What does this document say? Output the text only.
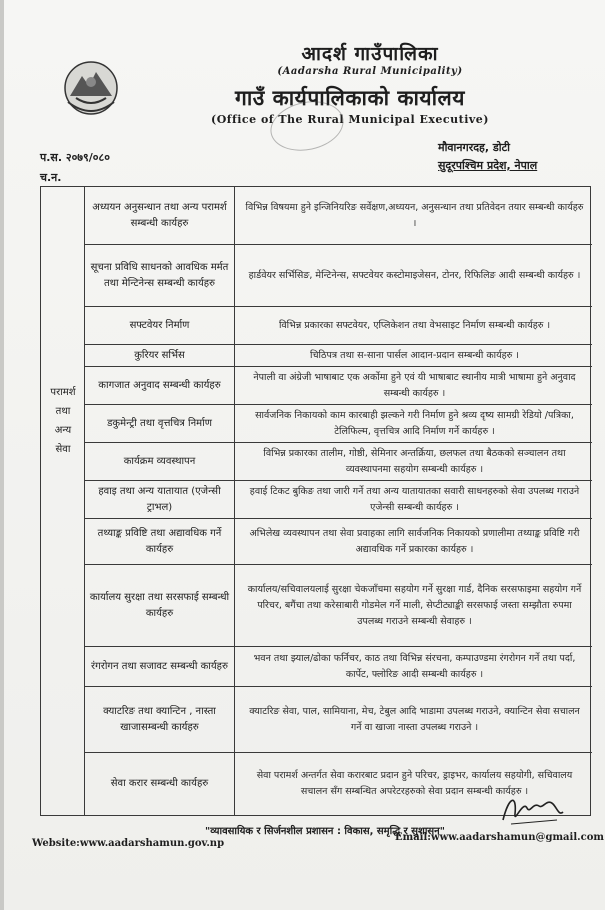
आदर्श गाउँपालिका
(Aadarsha Rural Municipality)
गाउँ कार्यपालिकाको कार्यालय
(Office of The Rural Municipal Executive)
प.स. २०७९/०८०
च.न.
मौवानगरदह, डोटी
सुदूरपश्चिम प्रदेश, नेपाल
परामर्श
तथा
अन्य
सेवा
अध्ययन अनुसन्धान तथा अन्य परामर्श सम्बन्धी कार्यहरु
विभिन्न विषयमा हुने इन्जिनियरिङ सर्वेक्षण,अध्ययन, अनुसन्धान तथा प्रतिवेदन तयार सम्बन्धी कार्यहरु ।
सूचना प्रविधि साधनको आवधिक मर्मत तथा मेन्टिनेन्स सम्बन्धी कार्यहरु
हार्डवेयर सर्भिसिङ, मेन्टिनेन्स, सफ्टवेयर कस्टोमाइजेसन, टोनर, रिफिलिङ आदी सम्बन्धी कार्यहरु ।
सफ्टवेयर निर्माण	विभिन्न प्रकारका सफ्टवेयर, एप्लिकेशन तथा वेभसाइट निर्माण सम्बन्धी कार्यहरु ।
कुरियर सर्भिस	चिठिपत्र तथा स-साना पार्सल आदान-प्रदान सम्बन्धी कार्यहरु ।
कागजात अनुवाद सम्बन्धी कार्यहरु
नेपाली वा अंग्रेजी भाषाबाट एक अर्कोमा हुने एवं यी भाषाबाट स्थानीय मात्री भाषामा हुने अनुवाद सम्बन्धी कार्यहरु ।
डकुमेन्ट्री तथा वृत्तचित्र निर्माण
सार्वजनिक निकायको काम कारबाही झल्कने गरी निर्माण हुने श्रव्य दृष्य सामग्री रेडियो /पत्रिका, टेलिफिल्म, वृत्तचित्र आदि निर्माण गर्ने कार्यहरु ।
कार्यक्रम व्यवस्थापन
विभिन्न प्रकारका तालीम, गोष्ठी, सेमिनार अन्तर्क्रिया, छलफल तथा बैठकको सञ्चालन तथा व्यवस्थापनमा सहयोग सम्बन्धी कार्यहरु ।
हवाइ तथा अन्य यातायात (एजेन्सी ट्राभल)
हवाई टिकट बुकिङ तथा जारी गर्ने तथा अन्य यातायातका सवारी साधनहरुको सेवा उपलब्ध गराउने एजेन्सी सम्बन्धी कार्यहरु ।
तथ्याङ्क प्रविष्टि तथा अद्यावधिक गर्ने कार्यहरु
अभिलेख व्यवस्थापन तथा सेवा प्रवाहका लागि सार्वजनिक निकायको प्रणालीमा तथ्याङ्क प्रविष्टि गरी अद्यावधिक गर्ने प्रकारका कार्यहरु ।
कार्यालय सुरक्षा तथा सरसफाई सम्बन्धी कार्यहरु
कार्यालय/सचिवालयलाई सुरक्षा चेकजाँचमा सहयोग गर्ने सुरक्षा गार्ड, दैनिक सरसफाइमा सहयोग गर्ने परिचर, बगैंचा तथा करेसाबारी गोडमेल गर्ने माली, सेप्टीट्याङ्की सरसफाई जस्ता सम्झौता रुपमा उपलब्ध गराउने सम्बन्धी सेवाहरु ।
रंगरोगन तथा सजावट सम्बन्धी कार्यहरु
भवन तथा झ्याल/ढोका फर्निचर, काठ तथा विभिन्न संरचना, कम्पाउण्डमा रंगरोगन गर्ने तथा पर्दा, कार्पेट, फ्लोरिङ आदी सम्बन्धी कार्यहरु ।
क्याटरिङ तथा क्यान्टिन , नास्ता खाजासम्बन्धी कार्यहरु
क्याटरिङ सेवा, पाल, सामियाना, मेच, टेबुल आदि भाडामा उपलब्ध गराउने, क्यान्टिन सेवा सचालन गर्ने वा खाजा नास्ता उपलब्ध गराउने ।
सेवा करार सम्बन्धी कार्यहरु
सेवा परामर्श अन्तर्गत सेवा करारबाट प्रदान हुने परिचर, ड्राइभर, कार्यालय सहयोगी, सचिवालय सचालन सँग सम्बन्धित अपरेटरहरुको सेवा प्रदान सम्बन्धी कार्यहरु ।
"व्यावसायिक र सिर्जनशील प्रशासन : विकास, समृद्धि र सुशासन"
Website:www.aadarshamun.gov.np
Email:www.aadarshamun@gmail.com
